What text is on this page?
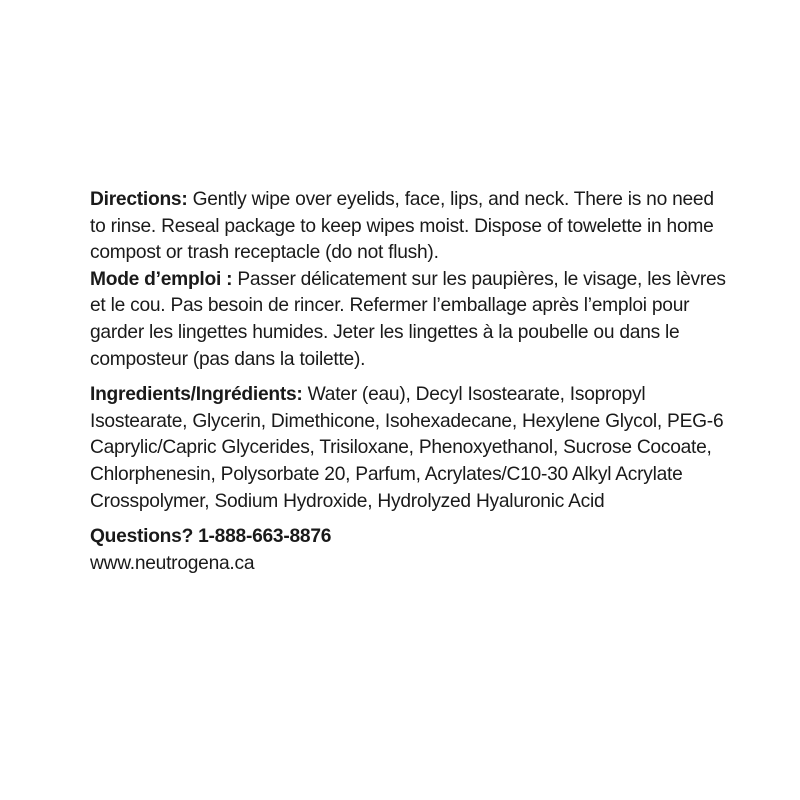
Directions: Gently wipe over eyelids, face, lips, and neck. There is no need to rinse. Reseal package to keep wipes moist. Dispose of towelette in home compost or trash receptacle (do not flush).

Mode d’emploi : Passer délicatement sur les paupières, le visage, les lèvres et le cou. Pas besoin de rincer. Refermer l’emballage après l’emploi pour garder les lingettes humides. Jeter les lingettes à la poubelle ou dans le composteur (pas dans la toilette).

Ingredients/Ingrédients: Water (eau), Decyl Isostearate, Isopropyl Isostearate, Glycerin, Dimethicone, Isohexadecane, Hexylene Glycol, PEG-6 Caprylic/Capric Glycerides, Trisiloxane, Phenoxyethanol, Sucrose Cocoate, Chlorphenesin, Polysorbate 20, Parfum, Acrylates/C10-30 Alkyl Acrylate Crosspolymer, Sodium Hydroxide, Hydrolyzed Hyaluronic Acid

Questions? 1-888-663-8876

www.neutrogena.ca
